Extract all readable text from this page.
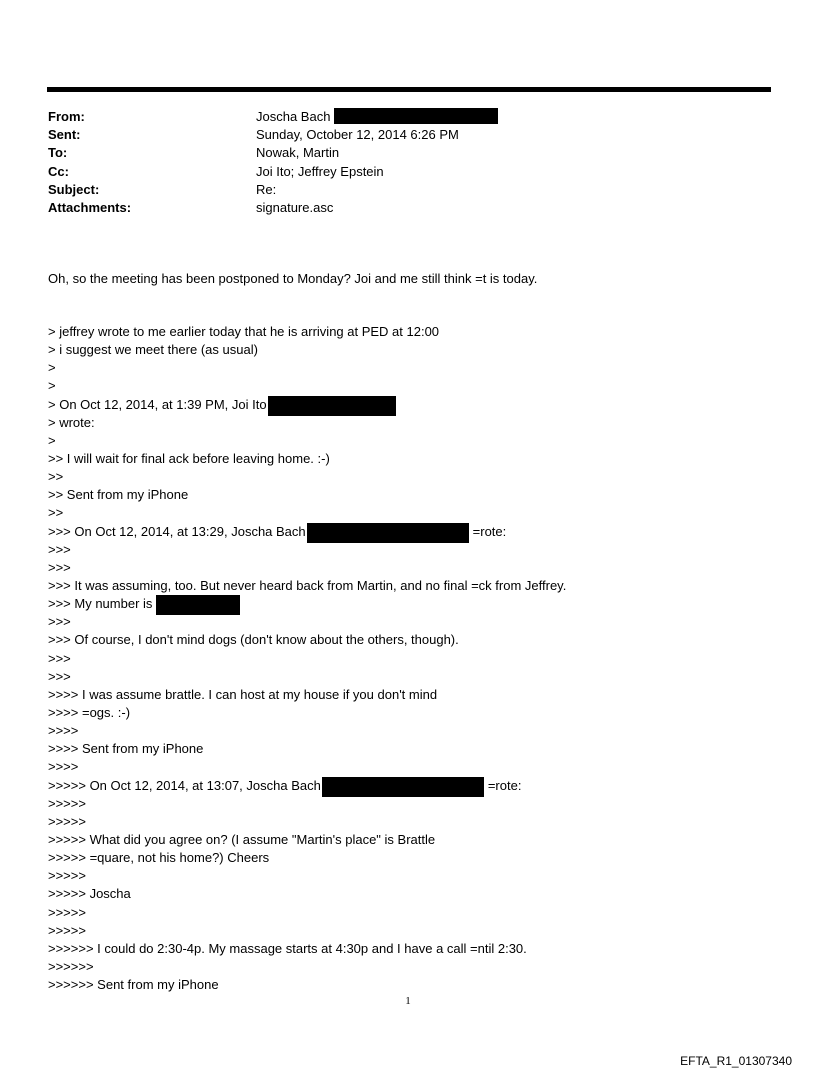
From:	Joscha Bach
Sent:	Sunday, October 12, 2014 6:26 PM
To:	Nowak, Martin
Cc:	Joi Ito; Jeffrey Epstein
Subject:	Re:
Attachments:	signature.asc
Oh, so the meeting has been postponed to Monday? Joi and me still think =t is today.
> jeffrey wrote to me earlier today that he is arriving at PED at 12:00
> i suggest we meet there (as usual)
>
>
> On Oct 12, 2014, at 1:39 PM, Joi Ito
> wrote:
>
>> I will wait for final ack before leaving home. :-)
>>
>> Sent from my iPhone
>>
>>> On Oct 12, 2014, at 13:29, Joscha Bach	=rote:
>>>
>>>
>>> It was assuming, too. But never heard back from Martin, and no final =ck from Jeffrey.
>>> My number is
>>>
>>> Of course, I don't mind dogs (don't know about the others, though).
>>>
>>>
>>>> I was assume brattle. I can host at my house if you don't mind
>>>> =ogs. :-)
>>>>
>>>> Sent from my iPhone
>>>>
>>>>> On Oct 12, 2014, at 13:07, Joscha Bach	=rote:
>>>>>
>>>>>
>>>>> What did you agree on? (I assume "Martin's place" is Brattle
>>>>> =quare, not his home?) Cheers
>>>>>
>>>>> Joscha
>>>>>
>>>>>
>>>>>> I could do 2:30-4p. My massage starts at 4:30p and I have a call =ntil 2:30.
>>>>>>
>>>>>> Sent from my iPhone
1
EFTA_R1_01307340
